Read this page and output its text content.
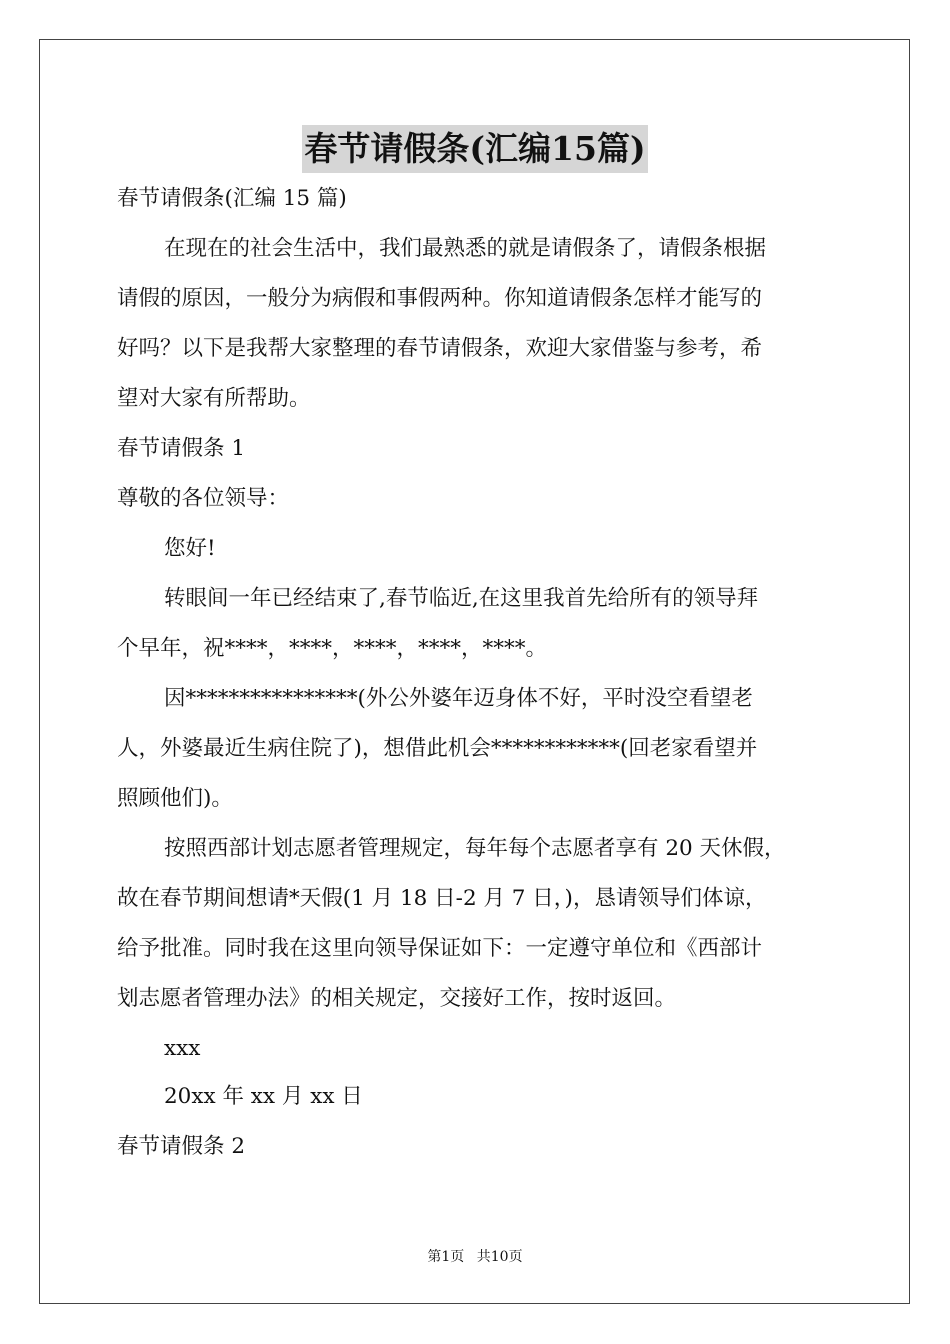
春节请假条(汇编15篇)
春节请假条(汇编 15 篇)
在现在的社会生活中，我们最熟悉的就是请假条了，请假条根据
请假的原因，一般分为病假和事假两种。你知道请假条怎样才能写的
好吗？以下是我帮大家整理的春节请假条，欢迎大家借鉴与参考，希
望对大家有所帮助。
春节请假条 1
尊敬的各位领导：
您好!
转眼间一年已经结束了,春节临近,在这里我首先给所有的领导拜
个早年，祝****，****，****，****，****。
因****************(外公外婆年迈身体不好，平时没空看望老
人，外婆最近生病住院了)，想借此机会************(回老家看望并
照顾他们)。
按照西部计划志愿者管理规定，每年每个志愿者享有 20 天休假，
故在春节期间想请*天假(1 月 18 日-2 月 7 日，)，恳请领导们体谅，
给予批准。同时我在这里向领导保证如下：一定遵守单位和《西部计
划志愿者管理办法》的相关规定，交接好工作，按时返回。
xxx
20xx 年 xx 月 xx 日
春节请假条 2
第1页 共10页
